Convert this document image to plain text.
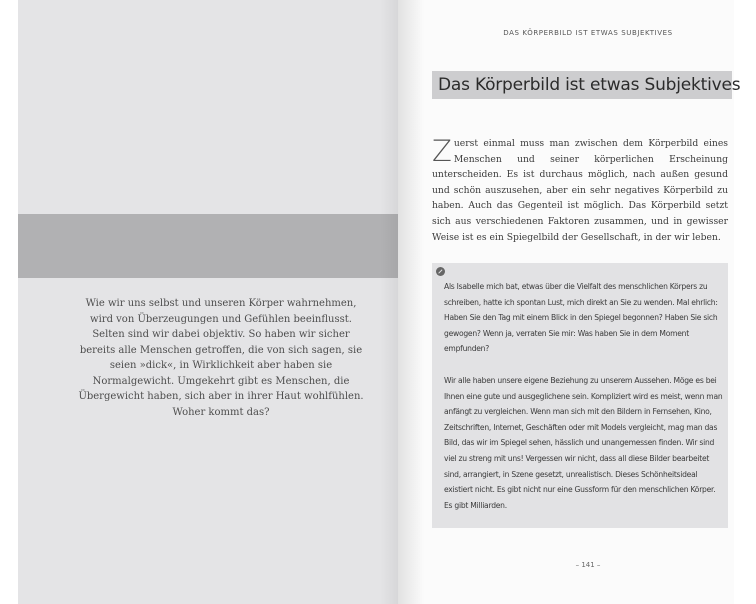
Wie wir uns selbst und unseren Körper wahrnehmen, wird von Überzeugungen und Gefühlen beeinflusst. Selten sind wir dabei objektiv. So haben wir sicher bereits alle Menschen getroffen, die von sich sagen, sie seien »dick«, in Wirklichkeit aber haben sie Normalgewicht. Umgekehrt gibt es Menschen, die Übergewicht haben, sich aber in ihrer Haut wohlfühlen. Woher kommt das?
DAS KÖRPERBILD IST ETWAS SUBJEKTIVES
Das Körperbild ist etwas Subjektives
Zuerst einmal muss man zwischen dem Körperbild eines Menschen und seiner körperlichen Erscheinung unterscheiden. Es ist durchaus möglich, nach außen gesund und schön auszusehen, aber ein sehr negatives Körperbild zu haben. Auch das Gegenteil ist möglich. Das Körperbild setzt sich aus verschiedenen Faktoren zusammen, und in gewisser Weise ist es ein Spiegelbild der Gesellschaft, in der wir leben.
Als Isabelle mich bat, etwas über die Vielfalt des menschlichen Körpers zu schreiben, hatte ich spontan Lust, mich direkt an Sie zu wenden. Mal ehrlich: Haben Sie den Tag mit einem Blick in den Spiegel begonnen? Haben Sie sich gewogen? Wenn ja, verraten Sie mir: Was haben Sie in dem Moment empfunden?
Wir alle haben unsere eigene Beziehung zu unserem Aussehen. Möge es bei Ihnen eine gute und ausgeglichene sein. Kompliziert wird es meist, wenn man anfängt zu vergleichen. Wenn man sich mit den Bildern in Fernsehen, Kino, Zeitschriften, Internet, Geschäften oder mit Models vergleicht, mag man das Bild, das wir im Spiegel sehen, hässlich und unangemessen finden. Wir sind viel zu streng mit uns! Vergessen wir nicht, dass all diese Bilder bearbeitet sind, arrangiert, in Szene gesetzt, unrealistisch. Dieses Schönheitsideal existiert nicht. Es gibt nicht nur eine Gussform für den menschlichen Körper. Es gibt Milliarden.
– 141 –
